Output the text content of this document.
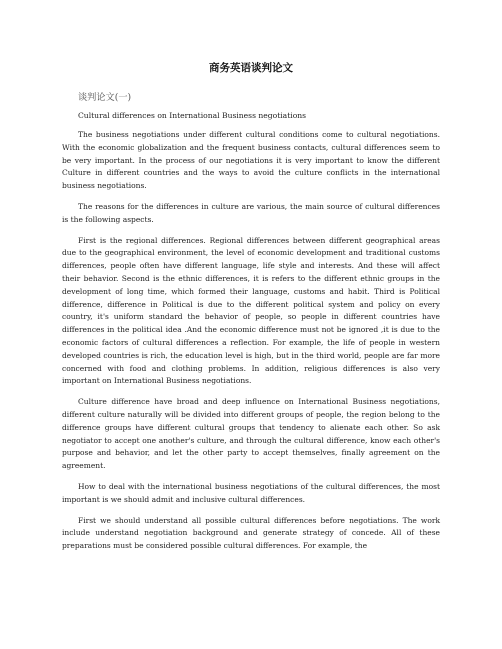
商务英语谈判论文
谈判论文(一)
Cultural differences on International Business negotiations

The business negotiations under different cultural conditions come to cultural negotiations. With the economic globalization and the frequent business contacts, cultural differences seem to be very important. In the process of our negotiations it is very important to know the different Culture in different countries and the ways to avoid the culture conflicts in the international business negotiations.

The reasons for the differences in culture are various, the main source of cultural differences is the following aspects.

First is the regional differences. Regional differences between different geographical areas due to the geographical environment, the level of economic development and traditional customs differences, people often have different language, life style and interests. And these will affect their behavior. Second is the ethnic differences, it is refers to the different ethnic groups in the development of long time, which formed their language, customs and habit. Third is Political difference, difference in Political is due to the different political system and policy on every country, it's uniform standard the behavior of people, so people in different countries have differences in the political idea .And the economic difference must not be ignored ,it is due to the economic factors of cultural differences a reflection. For example, the life of people in western developed countries is rich, the education level is high, but in the third world, people are far more concerned with food and clothing problems. In addition, religious differences is also very important on International Business negotiations.

Culture difference have broad and deep influence on International Business negotiations, different culture naturally will be divided into different groups of people, the region belong to the difference groups have different cultural groups that tendency to alienate each other. So ask negotiator to accept one another's culture, and through the cultural difference, know each other's purpose and behavior, and let the other party to accept themselves, finally agreement on the agreement.

How to deal with the international business negotiations of the cultural differences, the most important is we should admit and inclusive cultural differences.

First we should understand all possible cultural differences before negotiations. The work include understand negotiation background and generate strategy of concede. All of these preparations must be considered possible cultural differences. For example, the
